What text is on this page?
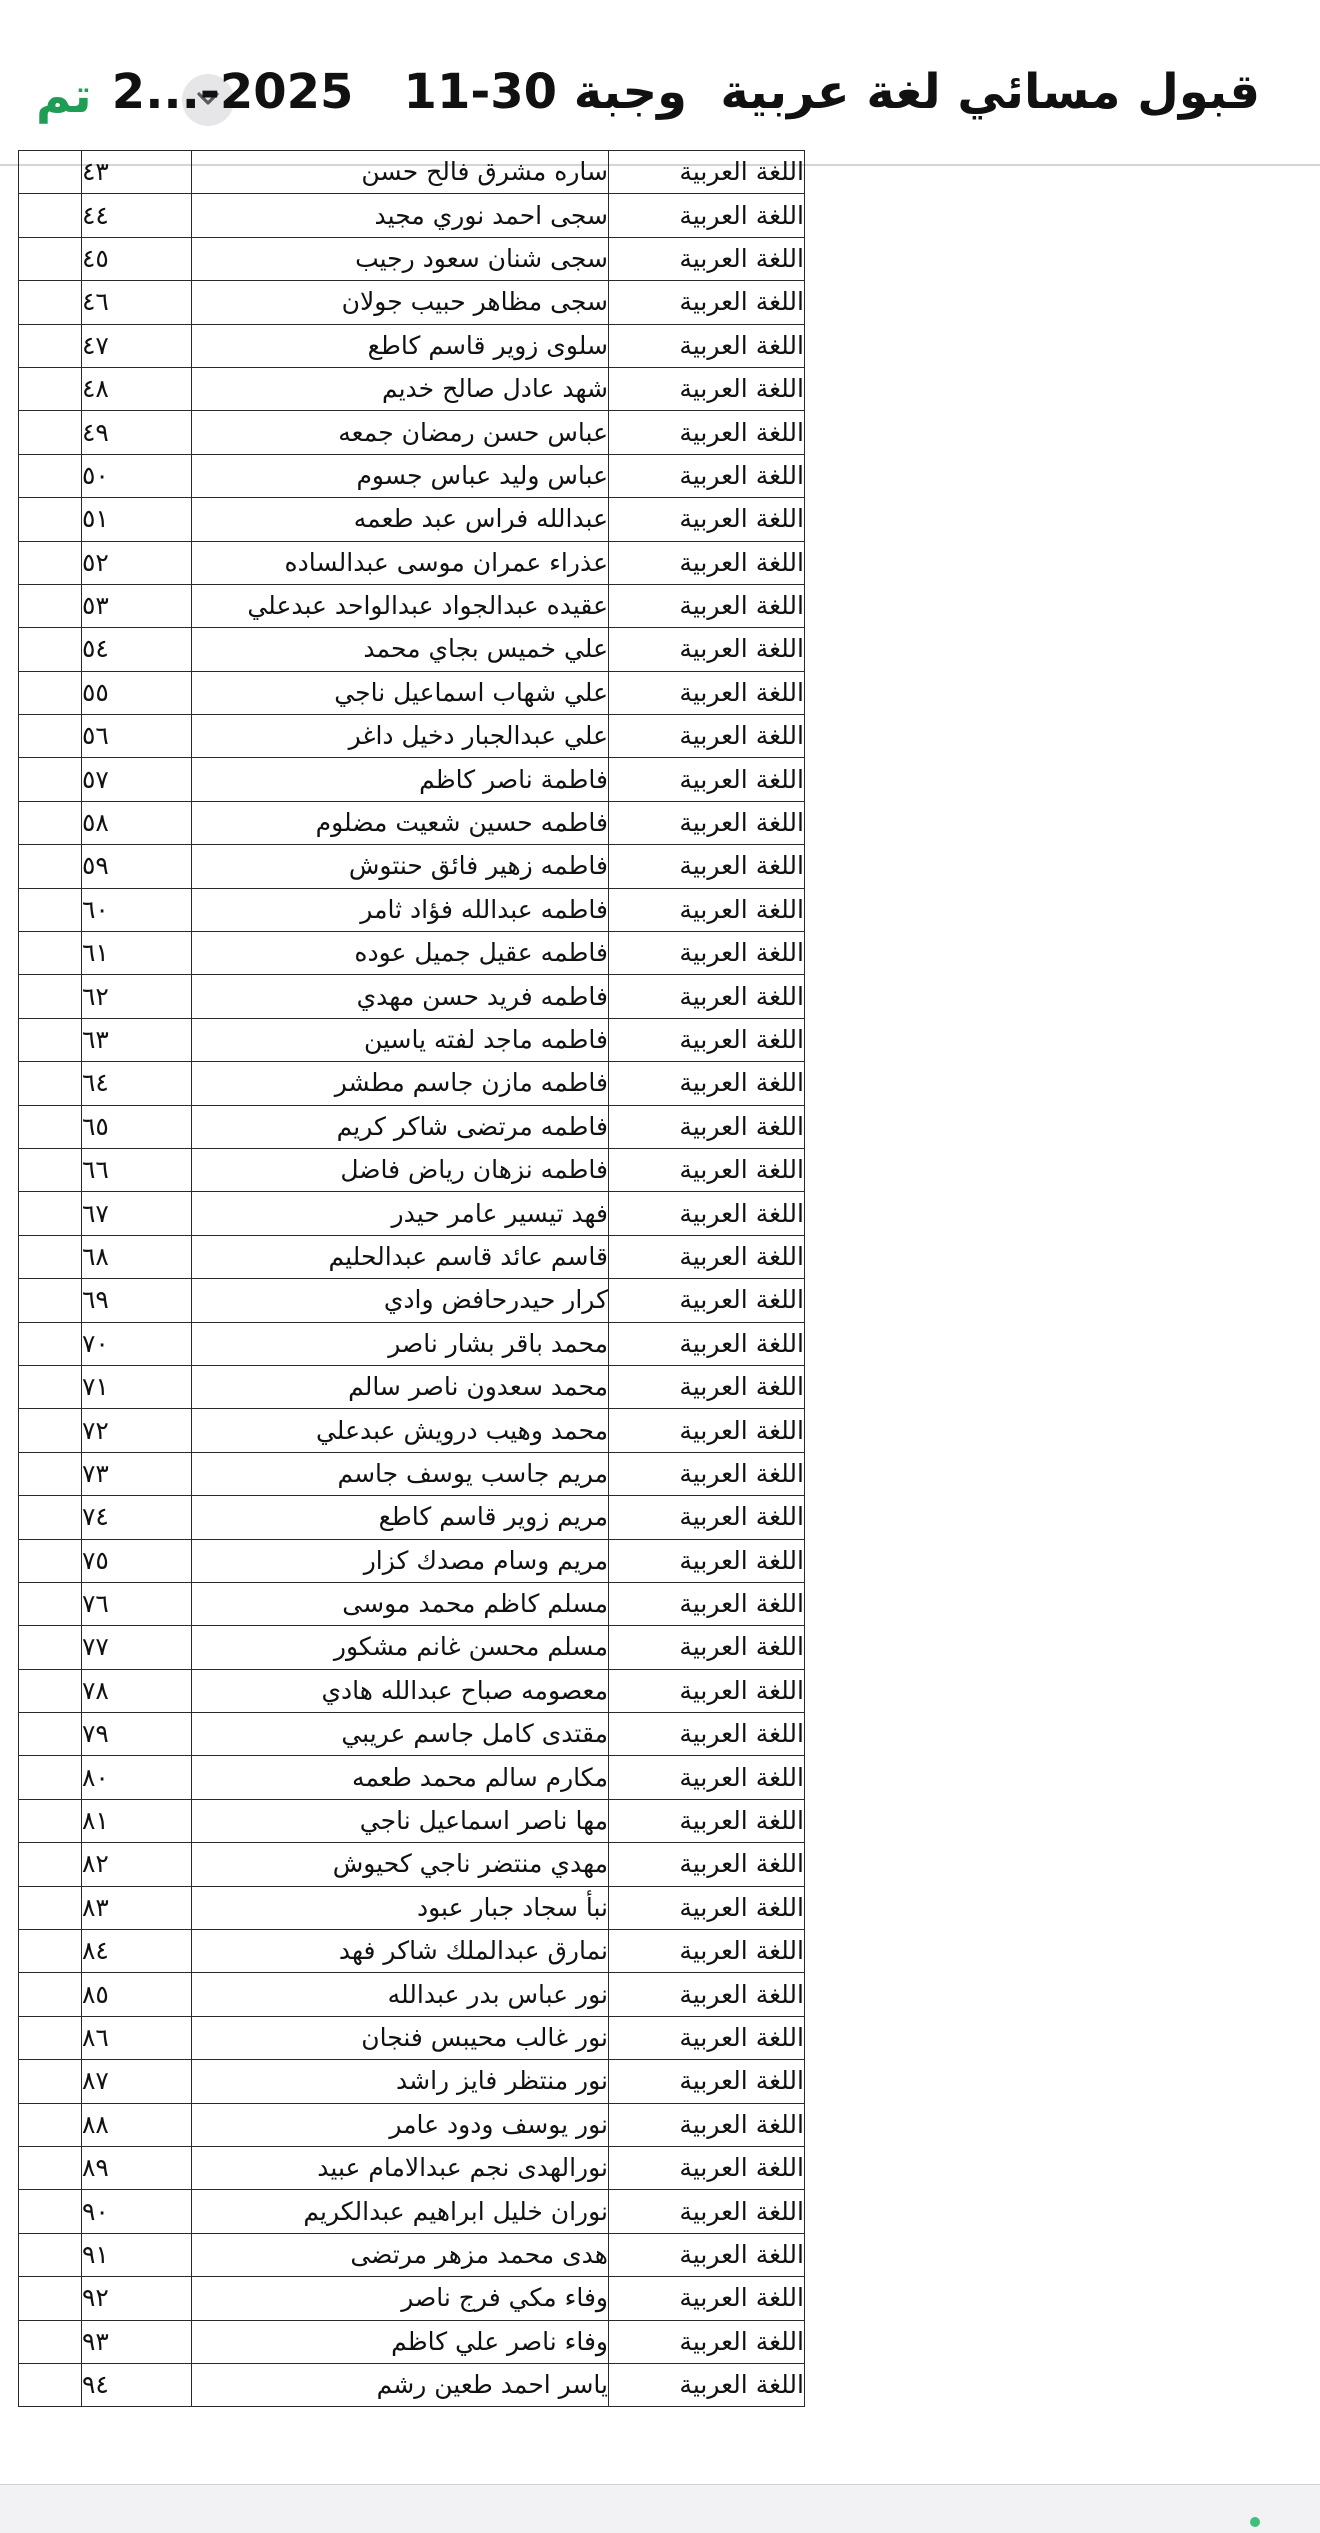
تم قبول مسائي لغة عربية  وجبة 30-11   2025-...2
	٤٣	ساره مشرق فالح حسن	اللغة العربية
	٤٤	سجى احمد نوري مجيد	اللغة العربية
	٤٥	سجى شنان سعود رجيب	اللغة العربية
	٤٦	سجى مظاهر حبيب جولان	اللغة العربية
	٤٧	سلوى زوير قاسم كاطع	اللغة العربية
	٤٨	شهد عادل صالح خديم	اللغة العربية
	٤٩	عباس حسن رمضان جمعه	اللغة العربية
	٥٠	عباس وليد عباس جسوم	اللغة العربية
	٥١	عبدالله فراس عبد طعمه	اللغة العربية
	٥٢	عذراء عمران موسى عبدالساده	اللغة العربية
	٥٣	عقيده عبدالجواد عبدالواحد عبدعلي	اللغة العربية
	٥٤	علي خميس بجاي محمد	اللغة العربية
	٥٥	علي شهاب اسماعيل ناجي	اللغة العربية
	٥٦	علي عبدالجبار دخيل داغر	اللغة العربية
	٥٧	فاطمة ناصر كاظم	اللغة العربية
	٥٨	فاطمه حسين شعيت مضلوم	اللغة العربية
	٥٩	فاطمه زهير فائق حنتوش	اللغة العربية
	٦٠	فاطمه عبدالله فؤاد ثامر	اللغة العربية
	٦١	فاطمه عقيل جميل عوده	اللغة العربية
	٦٢	فاطمه فريد حسن مهدي	اللغة العربية
	٦٣	فاطمه ماجد لفته ياسين	اللغة العربية
	٦٤	فاطمه مازن جاسم مطشر	اللغة العربية
	٦٥	فاطمه مرتضى شاكر كريم	اللغة العربية
	٦٦	فاطمه نزهان رياض فاضل	اللغة العربية
	٦٧	فهد تيسير عامر حيدر	اللغة العربية
	٦٨	قاسم عائد قاسم عبدالحليم	اللغة العربية
	٦٩	كرار حيدرحافض وادي	اللغة العربية
	٧٠	محمد باقر بشار ناصر	اللغة العربية
	٧١	محمد سعدون ناصر سالم	اللغة العربية
	٧٢	محمد وهيب درويش عبدعلي	اللغة العربية
	٧٣	مريم جاسب يوسف جاسم	اللغة العربية
	٧٤	مريم زوير قاسم كاطع	اللغة العربية
	٧٥	مريم وسام مصدك كزار	اللغة العربية
	٧٦	مسلم كاظم محمد موسى	اللغة العربية
	٧٧	مسلم محسن غانم مشكور	اللغة العربية
	٧٨	معصومه صباح عبدالله هادي	اللغة العربية
	٧٩	مقتدى كامل جاسم عريبي	اللغة العربية
	٨٠	مكارم سالم محمد طعمه	اللغة العربية
	٨١	مها ناصر اسماعيل ناجي	اللغة العربية
	٨٢	مهدي منتضر ناجي كحيوش	اللغة العربية
	٨٣	نبأ سجاد جبار عبود	اللغة العربية
	٨٤	نمارق عبدالملك شاكر فهد	اللغة العربية
	٨٥	نور عباس بدر عبدالله	اللغة العربية
	٨٦	نور غالب محيبس فنجان	اللغة العربية
	٨٧	نور منتظر فايز راشد	اللغة العربية
	٨٨	نور يوسف ودود عامر	اللغة العربية
	٨٩	نورالهدى نجم عبدالامام عبيد	اللغة العربية
	٩٠	نوران خليل ابراهيم عبدالكريم	اللغة العربية
	٩١	هدى محمد مزهر مرتضى	اللغة العربية
	٩٢	وفاء مكي فرج ناصر	اللغة العربية
	٩٣	وفاء ناصر علي كاظم	اللغة العربية
	٩٤	ياسر احمد طعين رشم	اللغة العربية
